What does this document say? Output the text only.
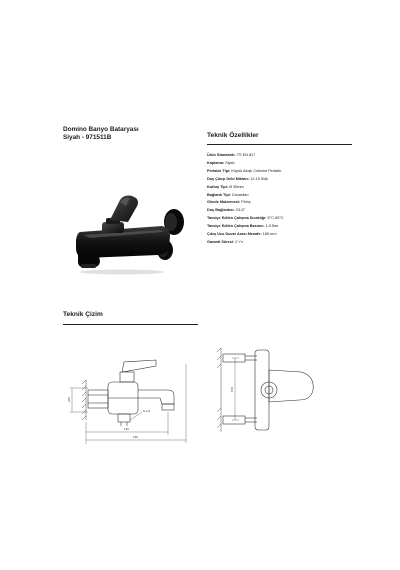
Domino Banyo Bataryası
Siyah - 971511B	Teknik Özellikler
Ürün Standardı: TS EN 817
Kaplama: Siyah
Perlatör Tipi: Köpük Akışlı Colnslot Perlatör
Duş Çıkışı Debi Miktarı: 12-15 lt/dk
Kartuş Tipi: Ø 35mm
Bağlantı Tipi: Duvardan
Gövde Malzemesi: Pirinç
Duş Bağlantısı: G1/2"
Tavsiye Edilen Çalışma Sıcaklığı: 5°C-65°C
Tavsiye Edilen Çalışma Basıncı: 1-5 Bar
Çıkış Ucu Duvar Arası Mesafe: 165 mm
Garanti Süresi: 2 Yıl
Teknik Çizim
ø70
130
160
G 1/2
150
